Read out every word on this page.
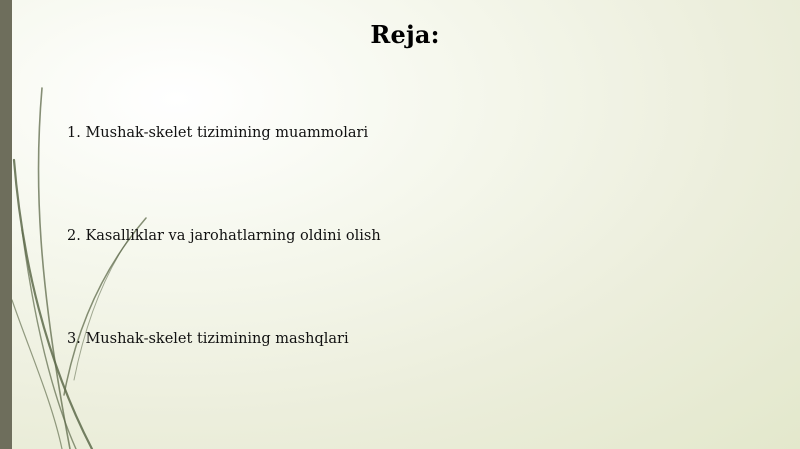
Reja:
1. Mushak-skelet tizimining muammolari
2. Kasalliklar va jarohatlarning oldini olish
3. Mushak-skelet tizimining mashqlari
